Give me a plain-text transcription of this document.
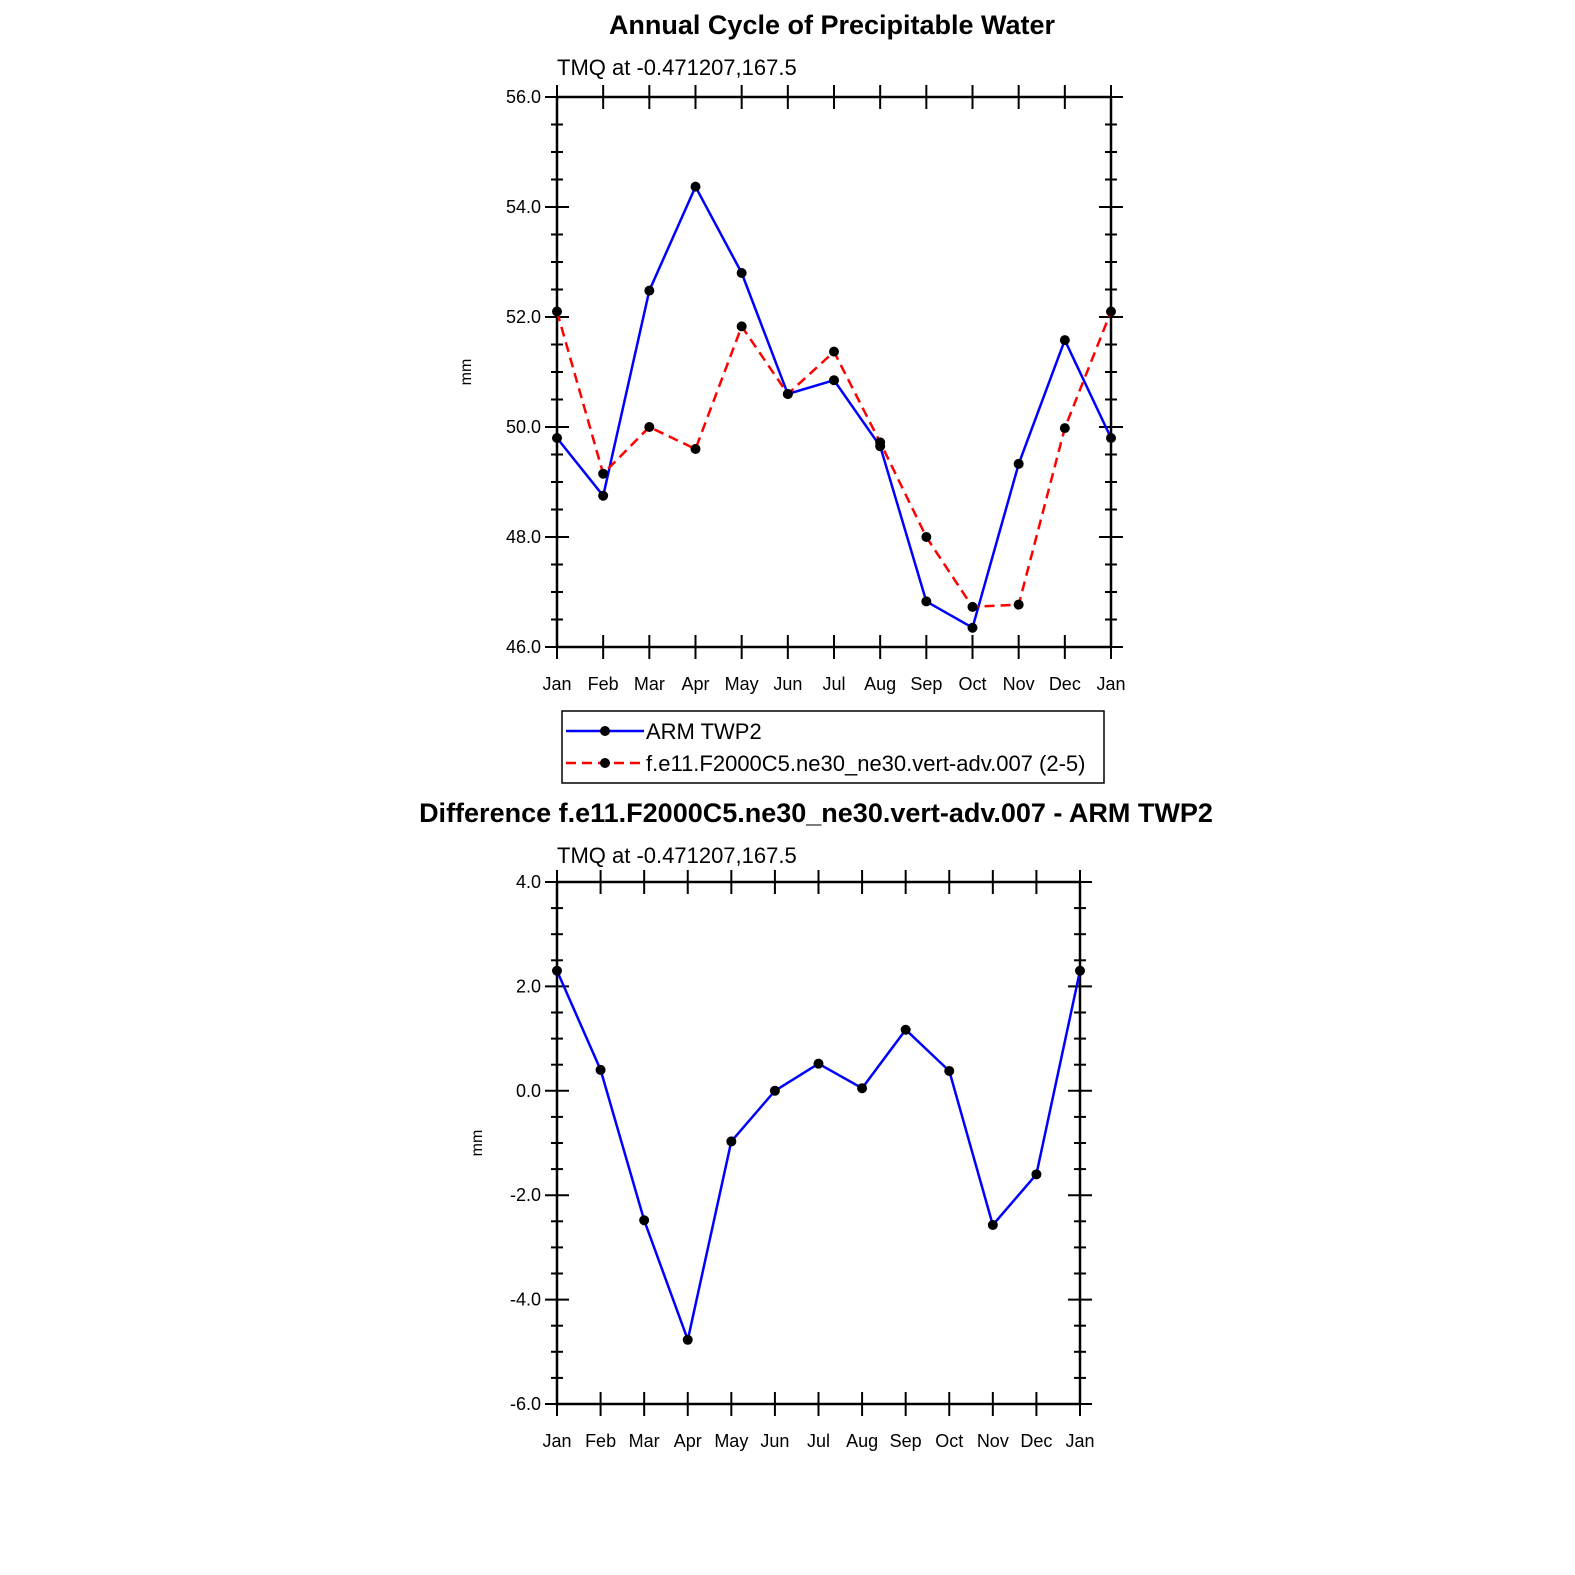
Annual Cycle of Precipitable Water
TMQ at -0.471207,167.5
mm
46.0
48.0
50.0
52.0
54.0
56.0
Jan Feb Mar Apr May Jun Jul Aug Sep Oct Nov Dec Jan
ARM TWP2
f.e11.F2000C5.ne30_ne30.vert-adv.007 (2-5)
Difference f.e11.F2000C5.ne30_ne30.vert-adv.007 - ARM TWP2
TMQ at -0.471207,167.5
mm
-6.0
-4.0
-2.0
0.0
2.0
4.0
Jan Feb Mar Apr May Jun Jul Aug Sep Oct Nov Dec Jan
